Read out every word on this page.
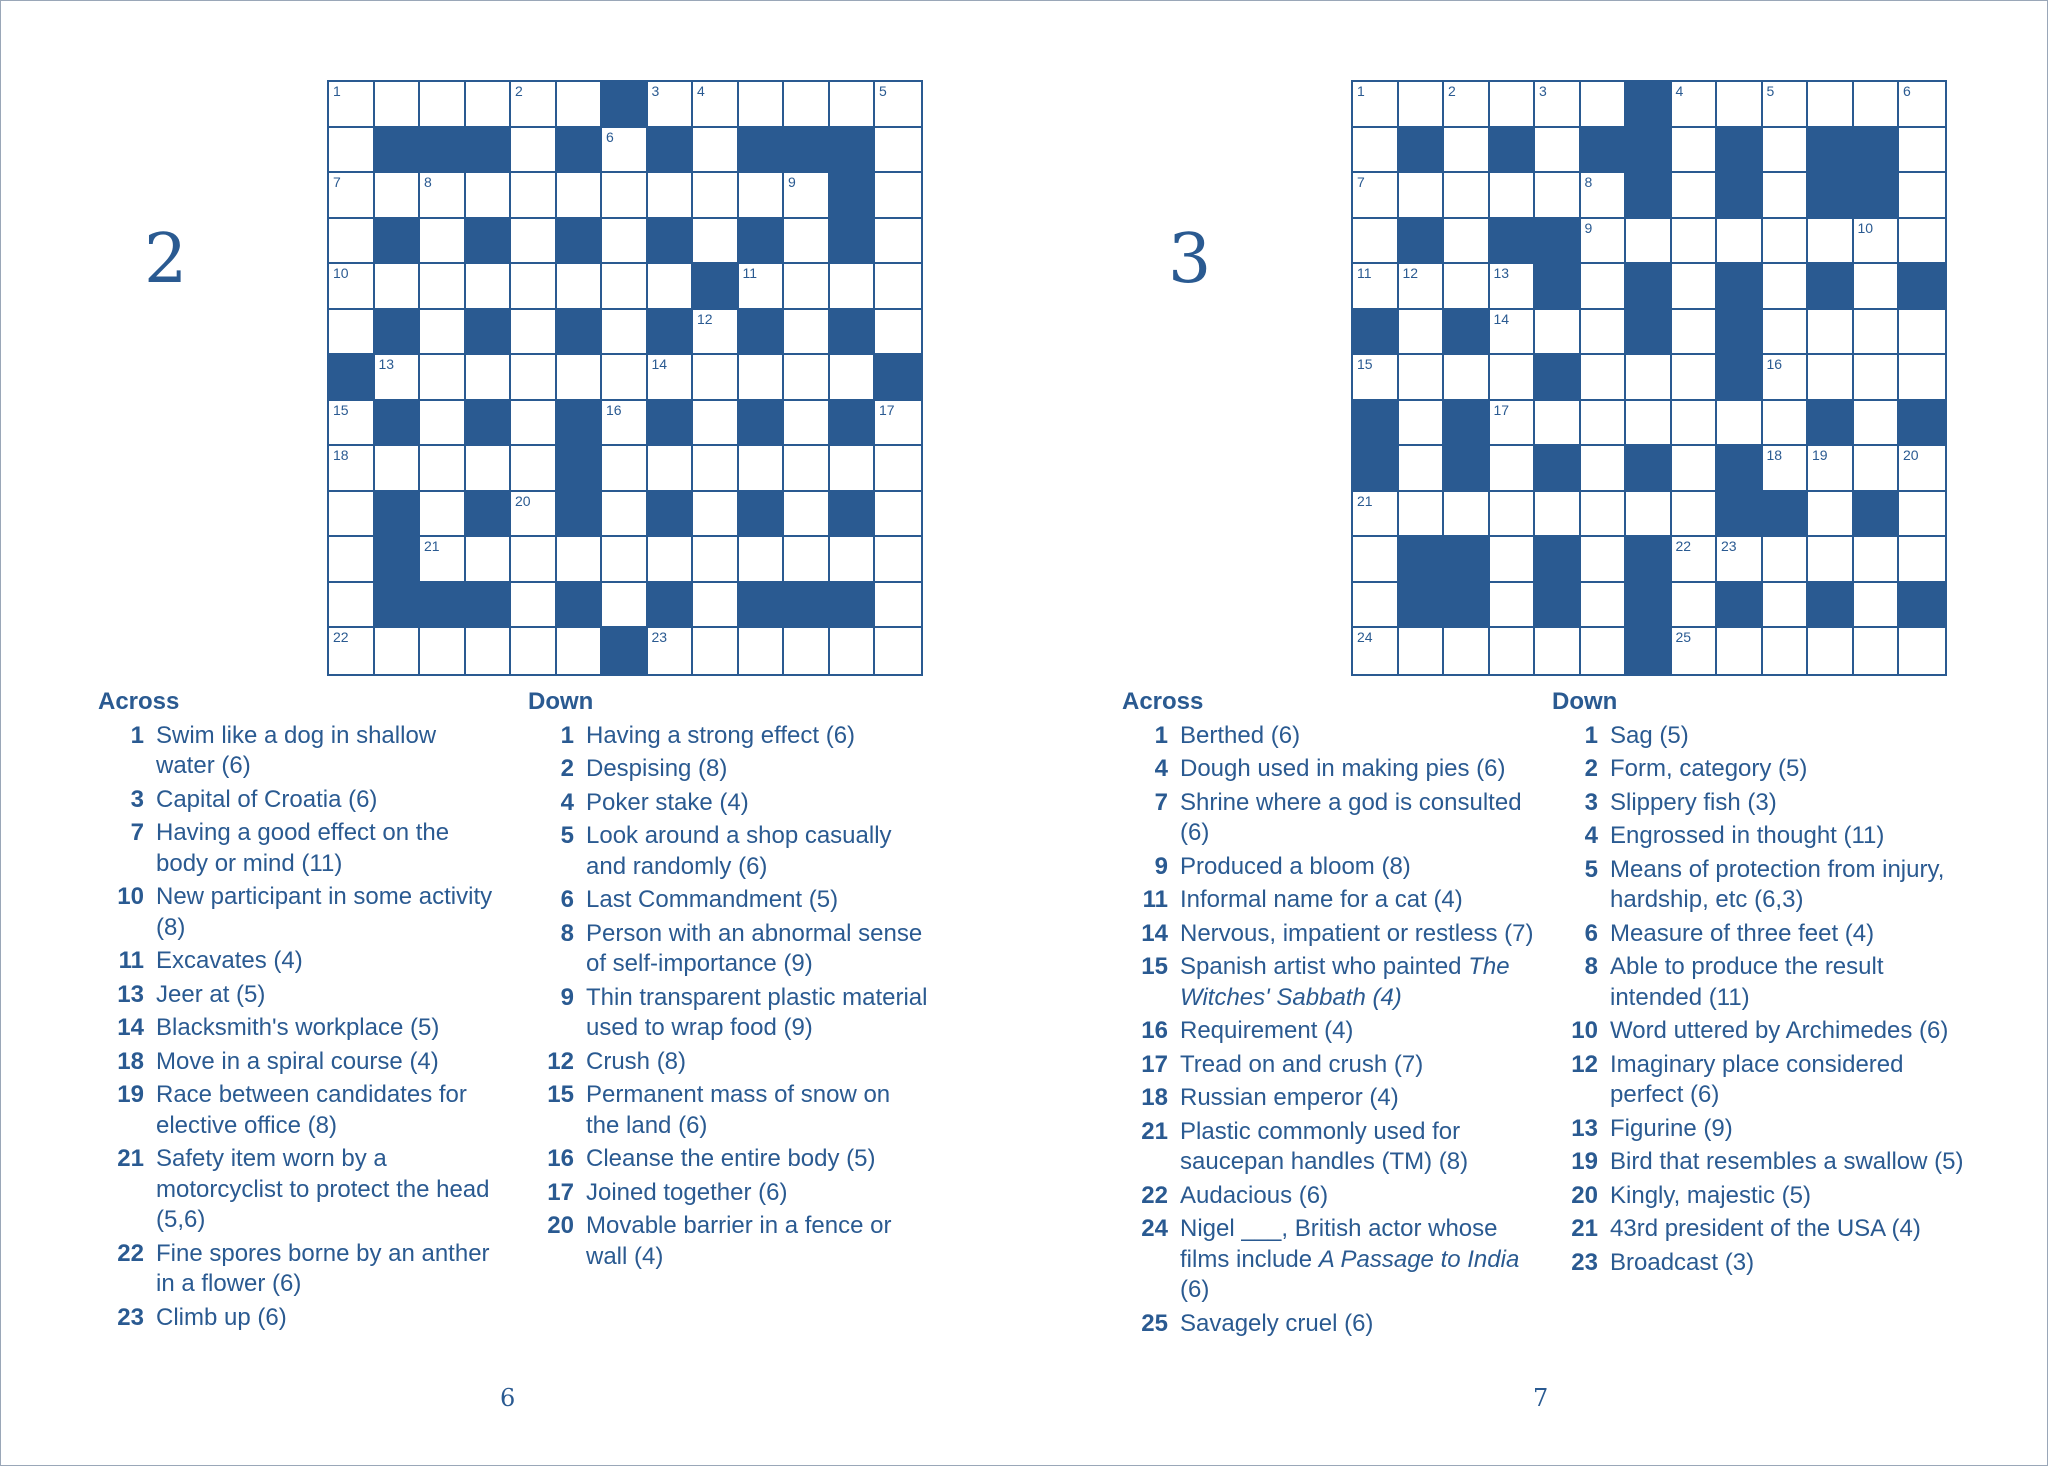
2
1	2	3	4	5
6
7	8	9
10	11
12
13	14
15	16	17
18
20
21
22	23
Across
1 Swim like a dog in shallow water (6)
3 Capital of Croatia (6)
7 Having a good effect on the body or mind (11)
10 New participant in some activity (8)
11 Excavates (4)
13 Jeer at (5)
14 Blacksmith's workplace (5)
18 Move in a spiral course (4)
19 Race between candidates for elective office (8)
21 Safety item worn by a motorcyclist to protect the head (5,6)
22 Fine spores borne by an anther in a flower (6)
23 Climb up (6)
Down
1 Having a strong effect (6)
2 Despising (8)
4 Poker stake (4)
5 Look around a shop casually and randomly (6)
6 Last Commandment (5)
8 Person with an abnormal sense of self-importance (9)
9 Thin transparent plastic material used to wrap food (9)
12 Crush (8)
15 Permanent mass of snow on the land (6)
16 Cleanse the entire body (5)
17 Joined together (6)
20 Movable barrier in a fence or wall (4)
6
3
1	2	3	4	5	6
7	8
9	10
11 12	13
14
15	16
17
18 19	20
21
22 23
24	25
Across
1 Berthed (6)
4 Dough used in making pies (6)
7 Shrine where a god is consulted (6)
9 Produced a bloom (8)
11 Informal name for a cat (4)
14 Nervous, impatient or restless (7)
15 Spanish artist who painted The Witches' Sabbath (4)
16 Requirement (4)
17 Tread on and crush (7)
18 Russian emperor (4)
21 Plastic commonly used for saucepan handles (TM) (8)
22 Audacious (6)
24 Nigel ___, British actor whose films include A Passage to India (6)
25 Savagely cruel (6)
Down
1 Sag (5)
2 Form, category (5)
3 Slippery fish (3)
4 Engrossed in thought (11)
5 Means of protection from injury, hardship, etc (6,3)
6 Measure of three feet (4)
8 Able to produce the result intended (11)
10 Word uttered by Archimedes (6)
12 Imaginary place considered perfect (6)
13 Figurine (9)
19 Bird that resembles a swallow (5)
20 Kingly, majestic (5)
21 43rd president of the USA (4)
23 Broadcast (3)
7
